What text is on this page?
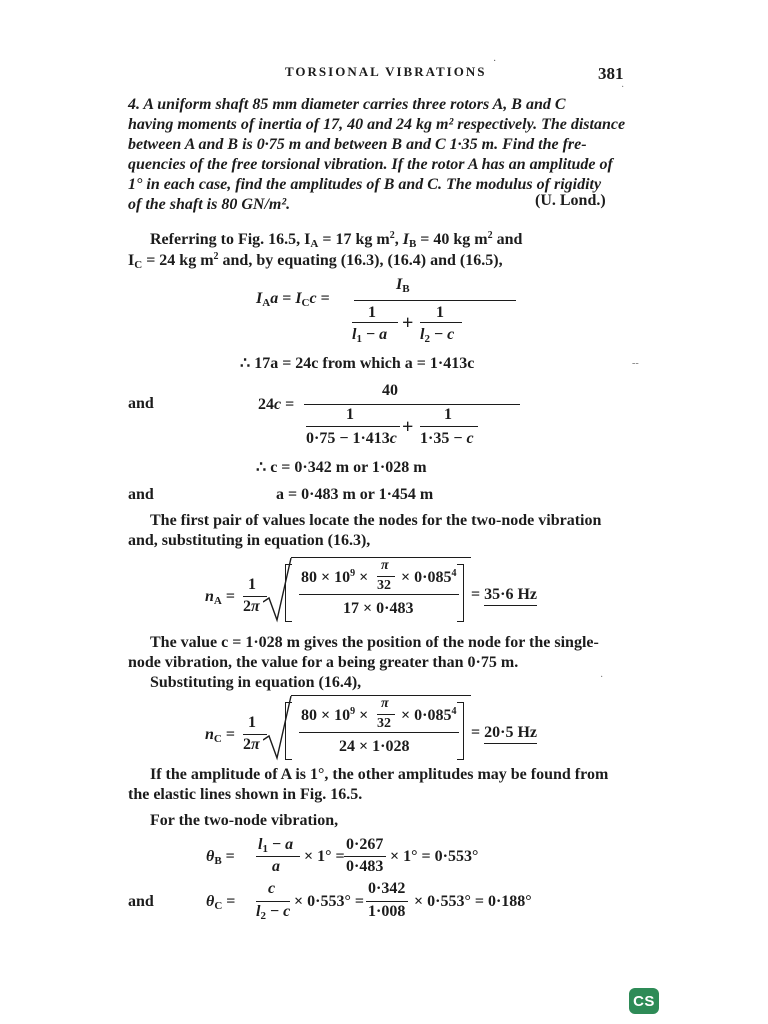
TORSIONAL VIBRATIONS	381
·
·
--
·
4. A uniform shaft 85 mm diameter carries three rotors A, B and C
having moments of inertia of 17, 40 and 24 kg m² respectively. The distance
between A and B is 0·75 m and between B and C 1·35 m. Find the fre-
quencies of the free torsional vibration. If the rotor A has an amplitude of
1° in each case, find the amplitudes of B and C. The modulus of rigidity
of the shaft is 80 GN/m².	(U. Lond.)
Referring to Fig. 16.5, $I_A = 17$ kg $m^2$, $I_B = 40$ kg $m^2$ and
$I_C = 24$ kg $m^2$ and, by equating (16.3), (16.4) and (16.5),
$I_Aa = I_Cc$ =
$I_B$
1
$l_1 - a$
+ 1
$l_2 - c$
∴ 17a = 24c from which a = 1·413c
and	24c =
40
1
0·75 − 1·413c
+
1
1·35 − c
∴ c = 0·342 m or 1·028 m
and	a = 0·483 m or 1·454 m
The first pair of values locate the nodes for the two-node vibration
and, substituting in equation (16.3),
$n_A$ =
1
2π
$80 \times 10^9$ ×
π
$32 \times 0\cdot 085^4$
17 × 0·483
= 35·6 Hz
The value c = 1·028 m gives the position of the node for the single-
node vibration, the value for a being greater than 0·75 m.
Substituting in equation (16.4),
$n_C$ =
1
2π
$80 \times 10^9$ ×
π
$32 \times 0\cdot 085^4$
24 × 1·028
= 20·5 Hz
If the amplitude of A is 1°, the other amplitudes may be found from
the elastic lines shown in Fig. 16.5.
For the two-node vibration,
$\theta_B$ =
$l_1 - a$
a
× 1° =
0·267
0·483
× 1° = 0·553°
and	$\theta_C$ =
c
$l_2 - c$
× 0·553° =
0·342
1·008
× 0·553° = 0·188°
CS
